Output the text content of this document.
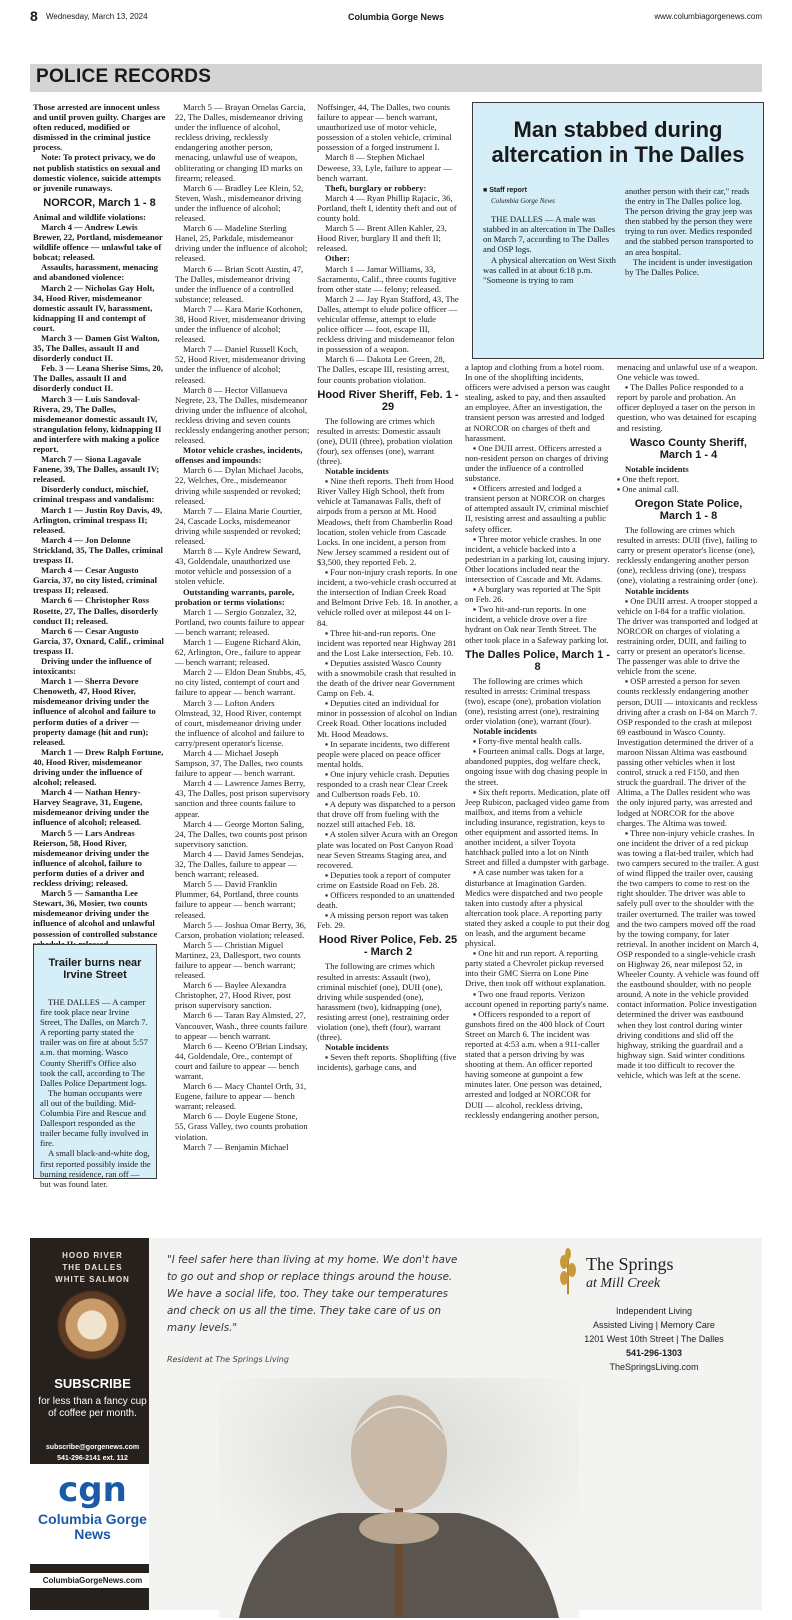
8 Wednesday, March 13, 2024	Columbia Gorge News	www.columbiagorgenews.com
POLICE RECORDS

Those arrested are innocent unless and until proven guilty. Charges are often reduced, modified or dismissed in the criminal justice process.

Note: To protect privacy, we do not publish statistics on sexual and domestic violence, suicide attempts or juvenile runaways.

NORCOR, March 1 - 8

Animal and wildlife violations:

March 4 — Andrew Lewis Brewer, 22, Portland, misdemeanor wildlife offence — unlawful take of bobcat; released.

Assaults, harassment, menacing and abandoned violence:

March 2 — Nicholas Gay Holt, 34, Hood River, misdemeanor domestic assault IV, harassment, kidnapping II and contempt of court.

March 3 — Damen Gist Walton, 35, The Dalles, assault II and disorderly conduct II.

Feb. 3 — Leana Sherise Sims, 20, The Dalles, assault II and disorderly conduct II.

March 3 — Luis Sandoval-Rivera, 29, The Dalles, misdemeanor domestic assault IV, strangulation felony, kidnapping II and interfere with making a police report.

March 7 — Siona Lagavale Fanene, 39, The Dalles, assault IV; released.

Disorderly conduct, mischief, criminal trespass and vandalism:

March 1 — Justin Roy Davis, 49, Arlington, criminal trespass II; released.

March 4 — Jon Delonne Strickland, 35, The Dalles, criminal trespass II.

March 4 — Cesar Augusto Garcia, 37, no city listed, criminal trespass II; released.

March 6 — Christopher Ross Rosette, 27, The Dalles, disorderly conduct II; released.

March 6 — Cesar Augusto Garcia, 37, Oxnard, Calif., criminal trespass II.

Driving under the influence of intoxicants:

March 1 — Sherra Devore Chenoweth, 47, Hood River, misdemeanor driving under the influence of alcohol and failure to perform duties of a driver — property damage (hit and run); released.

March 1 — Drew Ralph Fortune, 40, Hood River, misdemeanor driving under the influence of alcohol; released.

March 4 — Nathan Henry-Harvey Seagrave, 31, Eugene, misdemeanor driving under the influence of alcohol; released.

March 5 — Lars Andreas Reierson, 58, Hood River, misdemeanor driving under the influence of alcohol, failure to perform duties of a driver and reckless driving; released.

March 5 — Samantha Lee Stewart, 36, Mosier, two counts misdemeanor driving under the influence of alcohol and unlawful possession of controlled substance

Trailer burns near Irvine Street

THE DALLES — A camper fire took place near Irvine Street, The Dalles, on March 7. A reporting party stated the trailer was on fire at about 5:57 a.m. that morning. Wasco County Sheriff's Office also took the call, according to The Dalles Police Department logs.

The human occupants were all out of the building. Mid-Columbia Fire and Rescue and Dallesport responded as the trailer became fully involved in fire.

A small black-and-white dog, first reported possibly inside the burning residence, ran off — but was found later.

March 5 — Brayan Ornelas Garcia, 22, The Dalles, misdemeanor driving under the influence of alcohol, reckless driving, recklessly endangering another person, menacing, unlawful use of weapon, obliterating or changing ID marks on firearm; released.

March 6 — Bradley Lee Klein, 52, Steven, Wash., misdemeanor driving under the influence of alcohol; released.

March 6 — Madeline Sterling Hanel, 25, Parkdale, misdemeanor driving under the influence of alcohol; released.

March 6 — Brian Scott Austin, 47, The Dalles, misdemeanor driving under the influence of a controlled substance; released.

March 7 — Kara Marie Korhonen, 38, Hood River, misdemeanor driving under the influence of alcohol; released.

March 7 — Daniel Russell Koch, 52, Hood River, misdemeanor driving under the influence of alcohol; released.

March 8 — Hector Villanueva Negrete, 23, The Dalles, misdemeanor driving under the influence of alcohol, reckless driving and seven counts recklessly endangering another person; released.

Motor vehicle crashes, incidents, offenses and impounds:

March 6 — Dylan Michael Jacobs, 22, Welches, Ore., misdemeanor driving while suspended or revoked; released.

March 7 — Elaina Marie Courtier, 24, Cascade Locks, misdemeanor driving while suspended or revoked; released.

March 8 — Kyle Andrew Seward, 43, Goldendale, unauthorized use motor vehicle and possession of a stolen vehicle.

Outstanding warrants, parole, probation or terms violations:

March 1 — Sergio Gonzalez, 32, Portland, two counts failure to appear — bench warrant; released.

March 1 — Eugene Richard Akin, 62, Arlington, Ore., failure to appear — bench warrant; released.

March 2 — Eldon Dean Stubbs, 45, no city listed, contempt of court and failure to appear — bench warrant.

March 3 — Lofton Anders Olmstead, 32, Hood River, contempt of court, misdemeanor driving under the influence of alcohol and failure to carry/present operator's license.

March 4 — Michael Joseph Sampson, 37, The Dalles, two counts failure to appear — bench warrant.

March 4 — Lawrence James Berry, 43, The Dalles, post prison supervisory sanction and three counts failure to appear.

March 4 — George Morton Saling, 24, The Dalles, two counts post prison supervisory sanction.

March 4 — David James Sendejas, 32, The Dalles, failure to appear — bench warrant; released.

March 5 — David Franklin Plummer, 64, Portland, three counts failure to appear — bench warrant; released.

March 5 — Joshua Omar Berry, 36, Carson, probation violation; released.

March 5 — Christian Miguel Martinez, 23, Dallesport, two counts failure to appear — bench warrant; released.

March 6 — Baylee Alexandra Christopher, 27, Hood River, post prison supervisory sanction.

March 6 — Taran Ray Almsted, 27, Vancouver, Wash., three counts failure to appear — bench warrant.

March 6 — Keeno O'Brian Lindsay, 44, Goldendale, Ore., contempt of court and failure to appear — bench warrant.

March 6 — Macy Chantel Orth, 31, Eugene, failure to appear — bench warrant; released.

March 6 — Doyle Eugene Stone, 55, Grass Valley, two counts probation violation.

March 7 — Benjamin Michael

Noffsinger, 44, The Dalles, two counts failure to appear — bench warrant, unauthorized use of motor vehicle, possession of a stolen vehicle, criminal possession of a forged instrument I.

March 8 — Stephen Michael Deweese, 33, Lyle, failure to appear — bench warrant.

Theft, burglary or robbery:

March 4 — Ryan Phillip Rajacic, 36, Portland, theft I, identity theft and out of county hold.

March 5 — Brent Allen Kahler, 23, Hood River, burglary II and theft II; released.

Other:

March 1 — Jamar Williams, 33, Sacramento, Calif., three counts fugitive from other state — felony; released.

March 2 — Jay Ryan Stafford, 43, The Dalles, attempt to elude police officer — vehicular offense, attempt to elude police officer — foot, escape III, reckless driving and misdemeanor felon in possession of a weapon.

March 6 — Dakota Lee Green, 28, The Dalles, escape III, resisting arrest, four counts probation violation.

Hood River Sheriff, Feb. 1 - 29

The following are crimes which resulted in arrests: Domestic assault (one), DUII (three), probation violation (four), sex offenses (one), warrant (three).

Notable incidents

▪ Nine theft reports. Theft from Hood River Valley High School, theft from vehicle at Tamanawas Falls, theft of airpods from a person at Mt. Hood Meadows, theft from Chamberlin Road location, stolen vehicle from Cascade Locks. In one incident, a person from New Jersey scammed a resident out of $3,500, they reported Feb. 2.

▪ Four non-injury crash reports. In one incident, a two-vehicle crash occurred at the intersection of Indian Creek Road and Belmont Drive Feb. 18. In another, a vehicle rolled over at milepost 44 on I-84.

▪ Three hit-and-run reports. One incident was reported near Highway 281 and the Lost Lake intersection, Feb. 10.

▪ Deputies assisted Wasco County with a snowmobile crash that resulted in the death of the driver near Government Camp on Feb. 4.

▪ Deputies cited an individual for minor in possession of alcohol on Indian Creek Road. Other locations included Mt. Hood Meadows.

▪ In separate incidents, two different people were placed on peace officer mental holds.

▪ One injury vehicle crash. Deputies responded to a crash near Clear Creek and Culbertson roads Feb. 10.

▪ A deputy was dispatched to a person that drove off from fueling with the nozzel still attached Feb. 18.

▪ A stolen silver Acura with an Oregon plate was located on Post Canyon Road near Seven Streams Staging area, and recovered.

▪ Deputies took a report of computer crime on Eastside Road on Feb. 28.

▪ Officers responded to an unattended death.

▪ A missing person report was taken Feb. 29.

Hood River Police, Feb. 25 - March 2

The following are crimes which resulted in arrests: Assault (two), criminal mischief (one), DUII (one), driving while suspended (one), harassment (two), kidnapping (one), resisting arrest (one), restraining order violation (one), theft (four), warrant (three).

Notable incidents

▪ Seven theft reports. Shoplifting (five incidents), garbage cans, and

Man stabbed during altercation in The Dalles
■ Staff report
Columbia Gorge News

THE DALLES — A male was stabbed in an altercation in The Dalles on March 7, according to The Dalles and OSP logs.

A physical altercation on West Sixth was called in at about 6:18 p.m. "Someone is trying to ram

another person with their car," reads the entry in The Dalles police log. The person driving the gray jeep was then stabbed by the person they were trying to run over. Medics responded and the stabbed person transported to an area hospital.

The incident is under investigation by The Dalles Police.

a laptop and clothing from a hotel room. In one of the shoplifting incidents, officers were advised a person was caught stealing, asked to pay, and then assaulted an employee. After an investigation, the transient person was arrested and lodged at NORCOR on charges of theft and harassment.

▪ One DUII arrest. Officers arrested a non-resident person on charges of driving under the influence of a controlled substance.

▪ Officers arrested and lodged a transient person at NORCOR on charges of attempted assault IV, criminal mischief II, resisting arrest and assaulting a public safety officer.

▪ Three motor vehicle crashes. In one incident, a vehicle backed into a pedestrian in a parking lot, causing injury. Other locations included near the intersection of Cascade and Mt. Adams.

▪ A burglary was reported at The Spit on Feb. 26.

▪ Two hit-and-run reports. In one incident, a vehicle drove over a fire hydrant on Oak near Tenth Street. The other took place in a Safeway parking lot.

The Dalles Police, March 1 - 8

The following are crimes which resulted in arrests: Criminal trespass (two), escape (one), probation violation (one), resisting arrest (one), restraining order violation (one), warrant (four).

Notable incidents

▪ Forty-five mental health calls.

▪ Fourteen animal calls. Dogs at large, abandoned puppies, dog welfare check, ongoing issue with dog chasing people in the street.

▪ Six theft reports. Medication, plate off Jeep Rubicon, packaged video game from mailbox, and items from a vehicle including insurance, registration, keys to other equipment and assorted items. In another incident, a silver Toyota hatchback pulled into a lot on Ninth Street and filled a dumpster with garbage.

▪ A case number was taken for a disturbance at Imagination Garden. Medics were dispatched and two people taken into custody after a physical altercation took place. A reporting party stated they asked a couple to put their dog on leash, and the argument became physical.

▪ One hit and run report. A reporting party stated a Chevrolet pickup reversed into their GMC Sierra on Lone Pine Drive, then took off without explanation.

▪ Two one fraud reports. Verizon account opened in reporting party's name.

▪ Officers responded to a report of gunshots fired on the 400 block of Court Street on March 6. The incident was reported at 4:53 a.m. when a 911-caller stated that a person driving by was shooting at them. An officer reported having someone at gunpoint a few minutes later. One person was detained, arrested and lodged at NORCOR for DUII — alcohol, reckless driving, recklessly endangering another person,

menacing and unlawful use of a weapon. One vehicle was towed.

▪ The Dalles Police responded to a report by parole and probation. An officer deployed a taser on the person in question, who was detained for escaping and resisting.

Wasco County Sheriff, March 1 - 4

Notable incidents

▪ One theft report.

▪ One animal call.

Oregon State Police, March 1 - 8

The following are crimes which resulted in arrests: DUII (five), failing to carry or present operator's license (one), recklessly endangering another person (one), reckless driving (one), trespass (one), violating a restraining order (one).

Notable incidents

▪ One DUII arrest. A trooper stopped a vehicle on I-84 for a traffic violation. The driver was transported and lodged at NORCOR on charges of violating a restraining order, DUII, and failing to carry or present an operator's license. The passenger was able to drive the vehicle from the scene.

▪ OSP arrested a person for seven counts recklessly endangering another person, DUII — intoxicants and reckless driving after a crash on I-84 on March 7. OSP responded to the crash at milepost 69 eastbound in Wasco County. Investigation determined the driver of a maroon Nissan Altima was eastbound passing other vehicles when it lost control, struck a red F150, and then struck the guardrail. The driver of the Altima, a The Dalles resident who was the only injured party, was arrested and lodged at NORCOR for the above charges. The Altima was towed.

▪ Three non-injury vehicle crashes. In one incident the driver of a red pickup was towing a flat-bed trailer, which had two campers secured to the trailer. A gust of wind flipped the trailer over, causing the two campers to come to rest on the right shoulder. The driver was able to safely pull over to the shoulder with the trailer overturned. The trailer was towed and the two campers moved off the road by the towing company, for later retrieval. In another incident on March 4, OSP responded to a single-vehicle crash on Highway 26, near milepost 52, in Wheeler County. A vehicle was found off the eastbound shoulder, with no people around. A note in the vehicle provided contact information. Police investigation determined the driver was eastbound when they lost control during winter driving conditions and slid off the highway, striking the guardrail and a highway sign. Said winter conditions made it too difficult to recover the vehicle, which was left at the scene.

HOOD RIVER
THE DALLES
WHITE SALMON
SUBSCRIBE
for less than a fancy cup of coffee per month.
subscribe@gorgenews.com
541-296-2141 ext. 112
cgn
Columbia Gorge News
ColumbiaGorgeNews.com
"I feel safer here than living at my home. We don't have to go out and shop or replace things around the house. We have a social life, too. They take our temperatures and check on us all the time. They take care of us on many levels."
Resident at The Springs Living
The Springs
at Mill Creek
Independent Living
Assisted Living | Memory Care
1201 West 10th Street | The Dalles
541-296-1303
TheSpringsLiving.com
